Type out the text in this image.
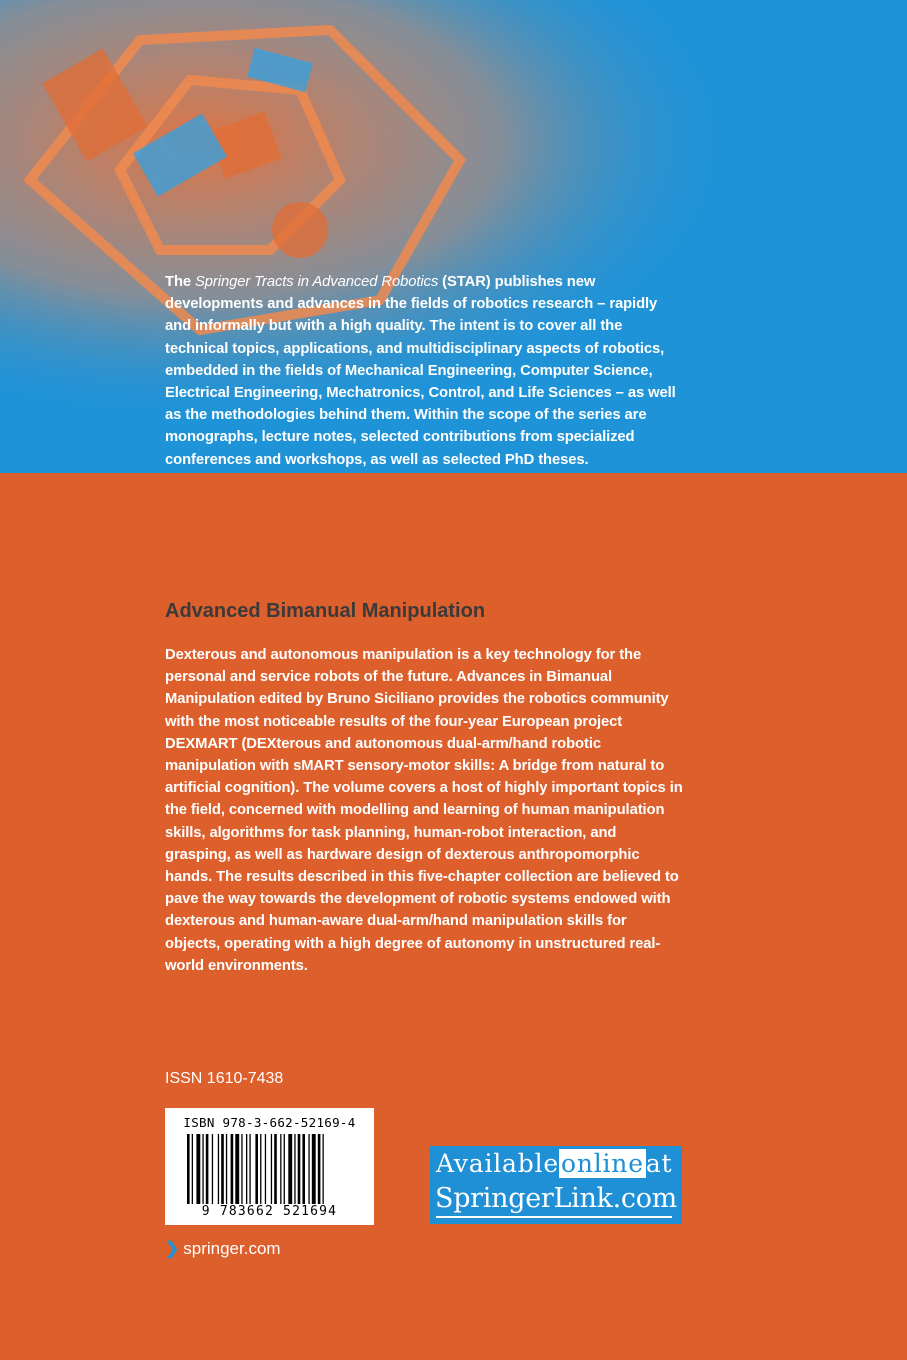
The Springer Tracts in Advanced Robotics (STAR) publishes new developments and advances in the fields of robotics research – rapidly and informally but with a high quality. The intent is to cover all the technical topics, applications, and multidisciplinary aspects of robotics, embedded in the fields of Mechanical Engineering, Computer Science, Electrical Engineering, Mechatronics, Control, and Life Sciences – as well as the methodologies behind them. Within the scope of the series are monographs, lecture notes, selected contributions from specialized conferences and workshops, as well as selected PhD theses.
Advanced Bimanual Manipulation
Dexterous and autonomous manipulation is a key technology for the personal and service robots of the future. Advances in Bimanual Manipulation edited by Bruno Siciliano provides the robotics community with the most noticeable results of the four-year European project DEXMART (DEXterous and autonomous dual-arm/hand robotic manipulation with sMART sensory-motor skills: A bridge from natural to artificial cognition). The volume covers a host of highly important topics in the field, concerned with modelling and learning of human manipulation skills, algorithms for task planning, human-robot interaction, and grasping, as well as hardware design of dexterous anthropomorphic hands. The results described in this five-chapter collection are believed to pave the way towards the development of robotic systems endowed with dexterous and human-aware dual-arm/hand manipulation skills for objects, operating with a high degree of autonomy in unstructured real-world environments.
ISSN 1610-7438
ISBN 978-3-662-52169-4
9 783662 521694
❯ springer.com
Availableonlineat
SpringerLink.com
